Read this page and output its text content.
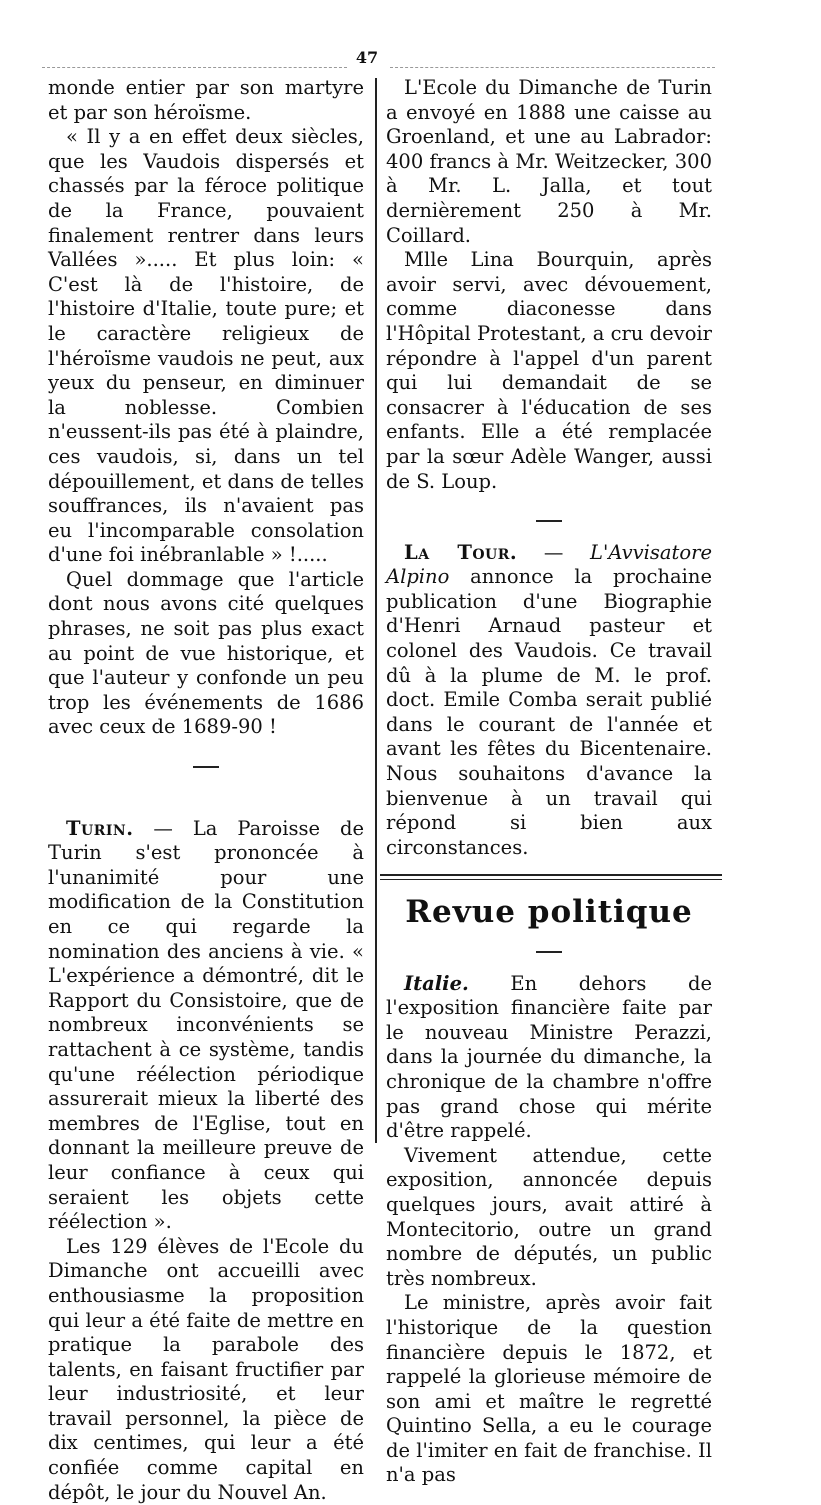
47

monde entier par son martyre et par son héroïsme.

« Il y a en effet deux siècles, que les Vaudois dispersés et chassés par la féroce politique de la France, pouvaient finalement rentrer dans leurs Vallées »..... Et plus loin: « C'est là de l'histoire, de l'histoire d'Italie, toute pure; et le caractère religieux de l'héroïsme vaudois ne peut, aux yeux du penseur, en diminuer la noblesse. Combien n'eussent-ils pas été à plaindre, ces vaudois, si, dans un tel dépouillement, et dans de telles souffrances, ils n'avaient pas eu l'incomparable consolation d'une foi inébranlable » !.....

Quel dommage que l'article dont nous avons cité quelques phrases, ne soit pas plus exact au point de vue historique, et que l'auteur y confonde un peu trop les événements de 1686 avec ceux de 1689-90 !

Turin. — La Paroisse de Turin s'est prononcée à l'unanimité pour une modification de la Constitution en ce qui regarde la nomination des anciens à vie. « L'expérience a démontré, dit le Rapport du Consistoire, que de nombreux inconvénients se rattachent à ce système, tandis qu'une réélection périodique assurerait mieux la liberté des membres de l'Eglise, tout en donnant la meilleure preuve de leur confiance à ceux qui seraient les objets cette réélection ».

Les 129 élèves de l'Ecole du Dimanche ont accueilli avec enthousiasme la proposition qui leur a été faite de mettre en pratique la parabole des talents, en faisant fructifier par leur industriosité, et leur travail personnel, la pièce de dix centimes, qui leur a été confiée comme capital en dépôt, le jour du Nouvel An.

L'Ecole du Dimanche de Turin a envoyé en 1888 une caisse au Groenland, et une au Labrador: 400 francs à Mr. Weitzecker, 300 à Mr. L. Jalla, et tout dernièrement 250 à Mr. Coillard.

Mlle Lina Bourquin, après avoir servi, avec dévouement, comme diaconesse dans l'Hôpital Protestant, a cru devoir répondre à l'appel d'un parent qui lui demandait de se consacrer à l'éducation de ses enfants. Elle a été remplacée par la sœur Adèle Wanger, aussi de S. Loup.

La Tour. — L'Avvisatore Alpino annonce la prochaine publication d'une Biographie d'Henri Arnaud pasteur et colonel des Vaudois. Ce travail dû à la plume de M. le prof. doct. Emile Comba serait publié dans le courant de l'année et avant les fêtes du Bicentenaire. Nous souhaitons d'avance la bienvenue à un travail qui répond si bien aux circonstances.

Revue politique

Italie. En dehors de l'exposition financière faite par le nouveau Ministre Perazzi, dans la journée du dimanche, la chronique de la chambre n'offre pas grand chose qui mérite d'être rappelé.

Vivement attendue, cette exposition, annoncée depuis quelques jours, avait attiré à Montecitorio, outre un grand nombre de députés, un public très nombreux.

Le ministre, après avoir fait l'historique de la question financière depuis le 1872, et rappelé la glorieuse mémoire de son ami et maître le regretté Quintino Sella, a eu le courage de l'imiter en fait de franchise. Il n'a pas
